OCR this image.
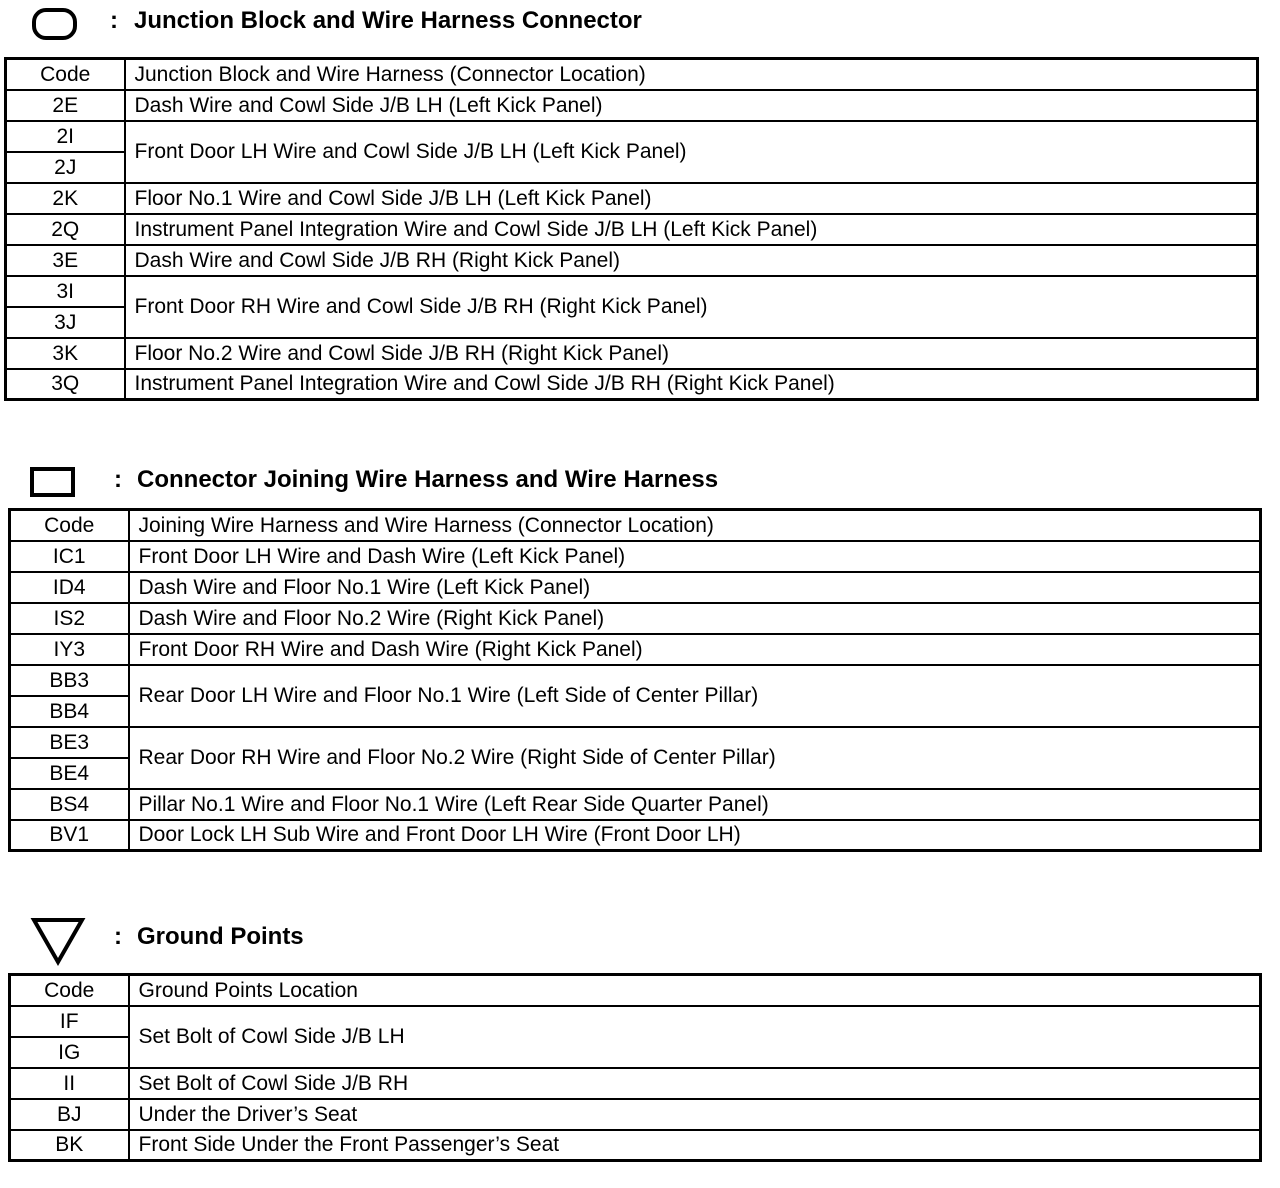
: Junction Block and Wire Harness Connector
Code	Junction Block and Wire Harness (Connector Location)
2E	Dash Wire and Cowl Side J/B LH (Left Kick Panel)
2I	Front Door LH Wire and Cowl Side J/B LH (Left Kick Panel)
2J	
2K	Floor No.1 Wire and Cowl Side J/B LH (Left Kick Panel)
2Q	Instrument Panel Integration Wire and Cowl Side J/B LH (Left Kick Panel)
3E	Dash Wire and Cowl Side J/B RH (Right Kick Panel)
3I	Front Door RH Wire and Cowl Side J/B RH (Right Kick Panel)
3J	
3K	Floor No.2 Wire and Cowl Side J/B RH (Right Kick Panel)
3Q	Instrument Panel Integration Wire and Cowl Side J/B RH (Right Kick Panel)
: Connector Joining Wire Harness and Wire Harness
Code	Joining Wire Harness and Wire Harness (Connector Location)
IC1	Front Door LH Wire and Dash Wire (Left Kick Panel)
ID4	Dash Wire and Floor No.1 Wire (Left Kick Panel)
IS2	Dash Wire and Floor No.2 Wire (Right Kick Panel)
IY3	Front Door RH Wire and Dash Wire (Right Kick Panel)
BB3	Rear Door LH Wire and Floor No.1 Wire (Left Side of Center Pillar)
BB4	
BE3	Rear Door RH Wire and Floor No.2 Wire (Right Side of Center Pillar)
BE4	
BS4	Pillar No.1 Wire and Floor No.1 Wire (Left Rear Side Quarter Panel)
BV1	Door Lock LH Sub Wire and Front Door LH Wire (Front Door LH)
: Ground Points
Code	Ground Points Location
IF	Set Bolt of Cowl Side J/B LH
IG	
II	Set Bolt of Cowl Side J/B RH
BJ	Under the Driver’s Seat
BK	Front Side Under the Front Passenger’s Seat
